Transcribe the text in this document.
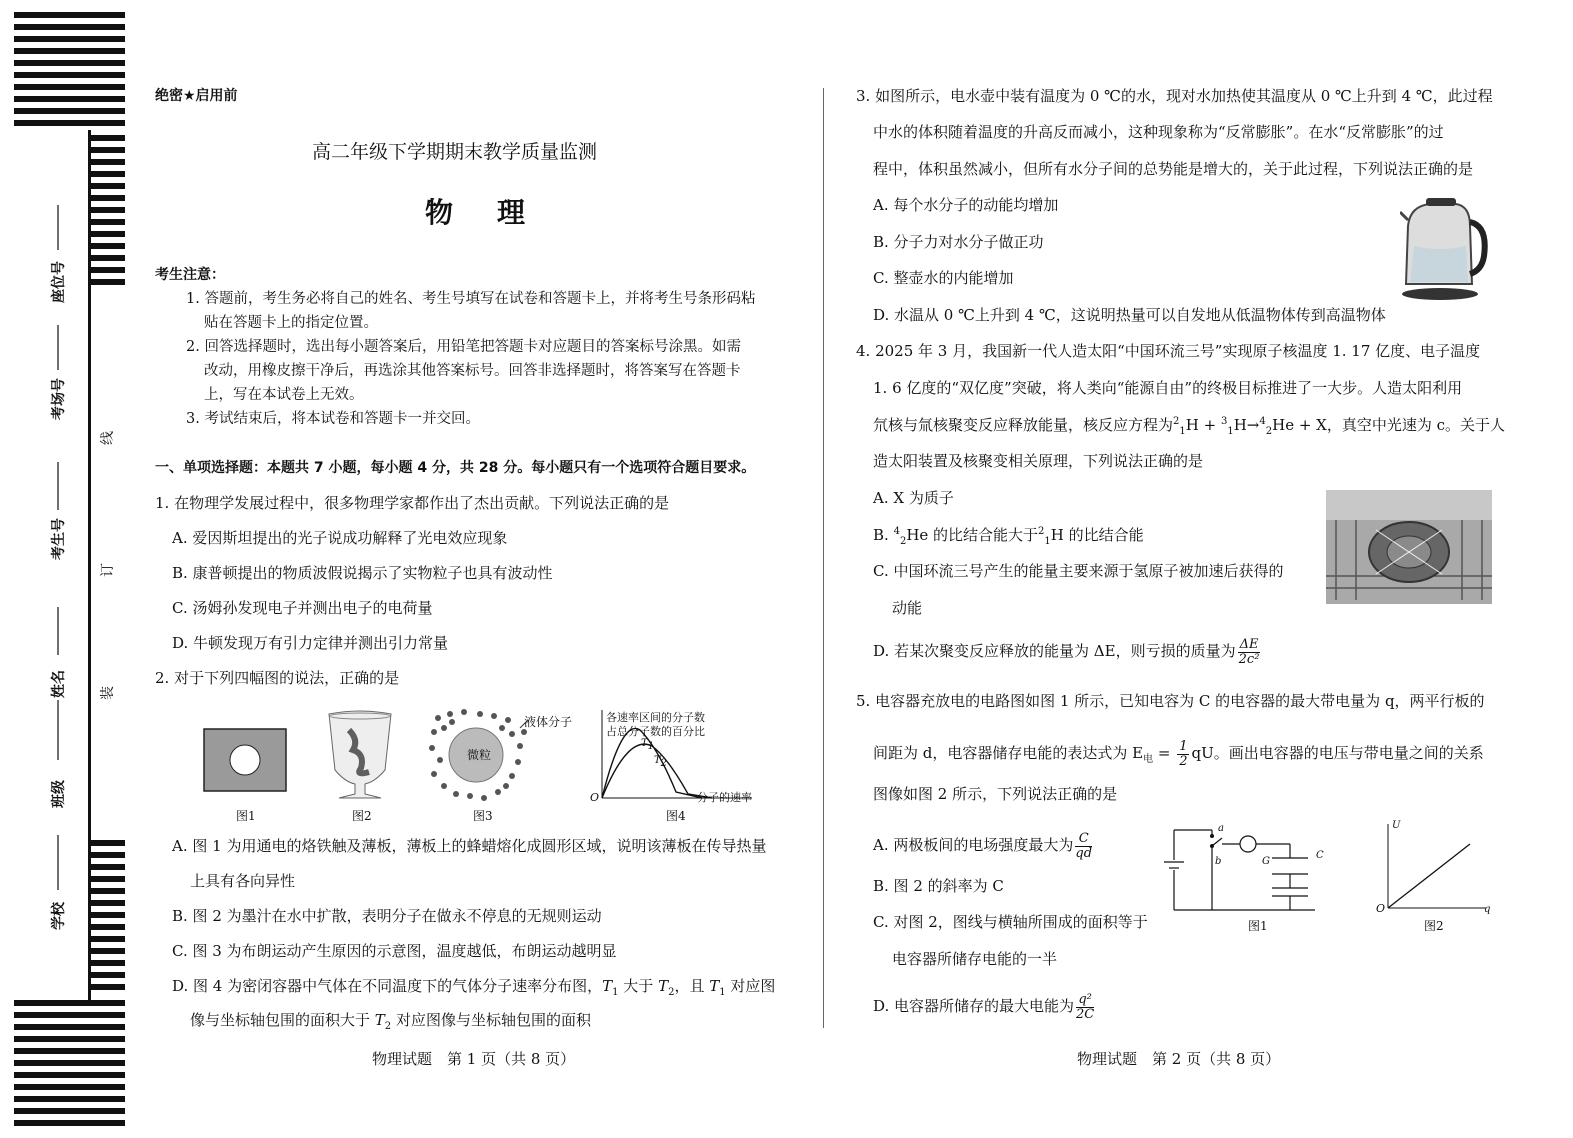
座位号
考场号
考生号
姓名
班级
学校
线
订
装
绝密★启用前
高二年级下学期期末教学质量监测
物　理
考生注意：
1. 答题前，考生务必将自己的姓名、考生号填写在试卷和答题卡上，并将考生号条形码粘
贴在答题卡上的指定位置。
2. 回答选择题时，选出每小题答案后，用铅笔把答题卡对应题目的答案标号涂黑。如需
改动，用橡皮擦干净后，再选涂其他答案标号。回答非选择题时，将答案写在答题卡
上，写在本试卷上无效。
3. 考试结束后，将本试卷和答题卡一并交回。
一、单项选择题：本题共 7 小题，每小题 4 分，共 28 分。每小题只有一个选项符合题目要求。
1. 在物理学发展过程中，很多物理学家都作出了杰出贡献。下列说法正确的是
A. 爱因斯坦提出的光子说成功解释了光电效应现象
B. 康普顿提出的物质波假说揭示了实物粒子也具有波动性
C. 汤姆孙发现电子并测出电子的电荷量
D. 牛顿发现万有引力定律并测出引力常量
2. 对于下列四幅图的说法，正确的是
微粒
液体分子	各速率区间的分子数
占总分子数的百分比
分子的速率
O
$T_1$
$T_2$
图1	图2	图3	图4
A. 图 1 为用通电的烙铁触及薄板，薄板上的蜂蜡熔化成圆形区域，说明该薄板在传导热量
上具有各向异性
B. 图 2 为墨汁在水中扩散，表明分子在做永不停息的无规则运动
C. 图 3 为布朗运动产生原因的示意图，温度越低，布朗运动越明显
D. 图 4 为密闭容器中气体在不同温度下的气体分子速率分布图，$T_1$ 大于 $T_2$，且 $T_1$ 对应图
像与坐标轴包围的面积大于 $T_2$ 对应图像与坐标轴包围的面积
物理试题　第 1 页（共 8 页）
3. 如图所示，电水壶中装有温度为 0 ℃的水，现对水加热使其温度从 0 ℃上升到 4 ℃，此过程
中水的体积随着温度的升高反而减小，这种现象称为“反常膨胀”。在水“反常膨胀”的过
程中，体积虽然减小，但所有水分子间的总势能是增大的，关于此过程，下列说法正确的是
A. 每个水分子的动能均增加
B. 分子力对水分子做正功
C. 整壶水的内能增加
D. 水温从 0 ℃上升到 4 ℃，这说明热量可以自发地从低温物体传到高温物体
4. 2025 年 3 月，我国新一代人造太阳“中国环流三号”实现原子核温度 1. 17 亿度、电子温度
1. 6 亿度的“双亿度”突破，将人类向“能源自由”的终极目标推进了一大步。人造太阳利用
氘核与氚核聚变反应释放能量，核反应方程为$^2_1$H + $^3_1$H→$^4_2$He + X，真空中光速为 c。关于人
造太阳装置及核聚变相关原理，下列说法正确的是
A. X 为质子
B. $^4_2$He 的比结合能大于$^2_1$H 的比结合能
C. 中国环流三号产生的能量主要来源于氢原子被加速后获得的
动能
D. 若某次聚变反应释放的能量为 ΔE，则亏损的质量为 $\frac{\Delta E}{\text{2c²}}$
5. 电容器充放电的电路图如图 1 所示，已知电容为 C 的电容器的最大带电量为 q，两平行板的
间距为 d，电容器储存电能的表达式为 $E_电 = \frac{1}{2}$ qU。画出电容器的电压与带电量之间的关系
图像如图 2 所示，下列说法正确的是
A. 两极板间的电场强度最大为 $\frac{C}{qd}$
B. 图 2 的斜率为 C
C. 对图 2，图线与横轴所围成的面积等于
电容器所储存电能的一半
D. 电容器所储存的最大电能为 $\frac{\text{q²}}{2C}$
a
b	G
C
图1
U
q
O
图2
物理试题　第 2 页（共 8 页）
